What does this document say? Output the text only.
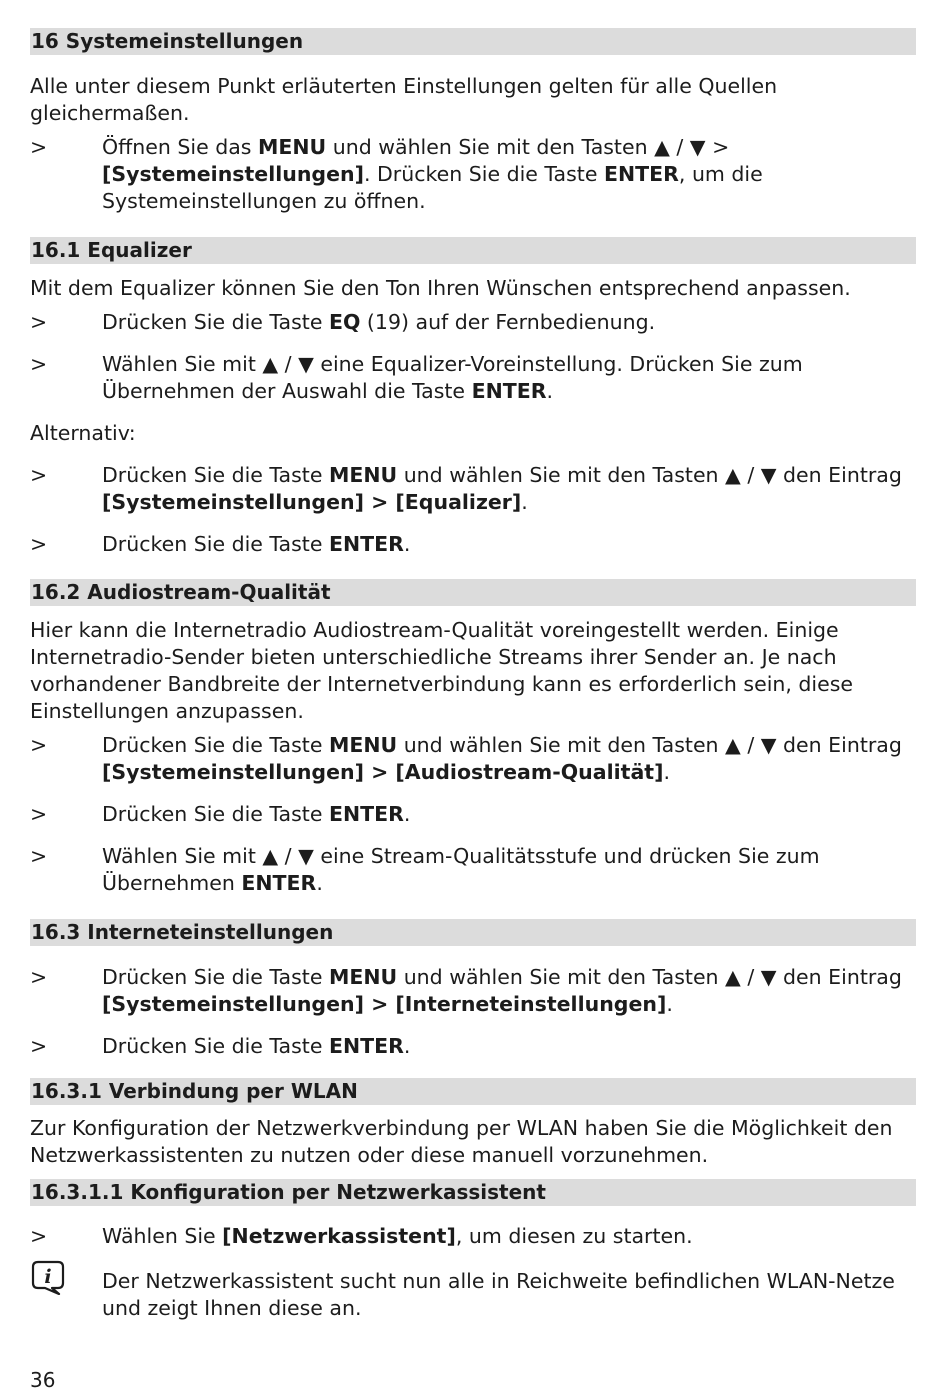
16 Systemeinstellungen

Alle unter diesem Punkt erläuterten Einstellungen gelten für alle Quellen gleichermaßen.

>	Öffnen Sie das MENU und wählen Sie mit den Tasten ▲ / ▼ > [Systemeinstellungen]. Drücken Sie die Taste ENTER, um die Systemeinstellungen zu öffnen.
16.1 Equalizer

Mit dem Equalizer können Sie den Ton Ihren Wünschen entsprechend anpassen.

>	Drücken Sie die Taste EQ (19) auf der Fernbedienung.
>	Wählen Sie mit ▲ / ▼ eine Equalizer-Voreinstellung. Drücken Sie zum Übernehmen der Auswahl die Taste ENTER.

Alternativ:

>	Drücken Sie die Taste MENU und wählen Sie mit den Tasten ▲ / ▼ den Eintrag [Systemeinstellungen] > [Equalizer].
>	Drücken Sie die Taste ENTER.
16.2 Audiostream-Qualität

Hier kann die Internetradio Audiostream-Qualität voreingestellt werden. Einige Internetradio-Sender bieten unterschiedliche Streams ihrer Sender an. Je nach vorhandener Bandbreite der Internetverbindung kann es erforderlich sein, diese Einstellungen anzupassen.

>	Drücken Sie die Taste MENU und wählen Sie mit den Tasten ▲ / ▼ den Eintrag [Systemeinstellungen] > [Audiostream-Qualität].
>	Drücken Sie die Taste ENTER.
>	Wählen Sie mit ▲ / ▼ eine Stream-Qualitätsstufe und drücken Sie zum Übernehmen ENTER.
16.3 Interneteinstellungen
>	Drücken Sie die Taste MENU und wählen Sie mit den Tasten ▲ / ▼ den Eintrag [Systemeinstellungen] > [Interneteinstellungen].
>	Drücken Sie die Taste ENTER.
16.3.1 Verbindung per WLAN

Zur Konfiguration der Netzwerkverbindung per WLAN haben Sie die Möglichkeit den Netzwerkassistenten zu nutzen oder diese manuell vorzunehmen.

16.3.1.1 Konfiguration per Netzwerkassistent
>	Wählen Sie [Netzwerkassistent], um diesen zu starten.
i Der Netzwerkassistent sucht nun alle in Reichweite befindlichen WLAN-Netze und zeigt Ihnen diese an.
36
